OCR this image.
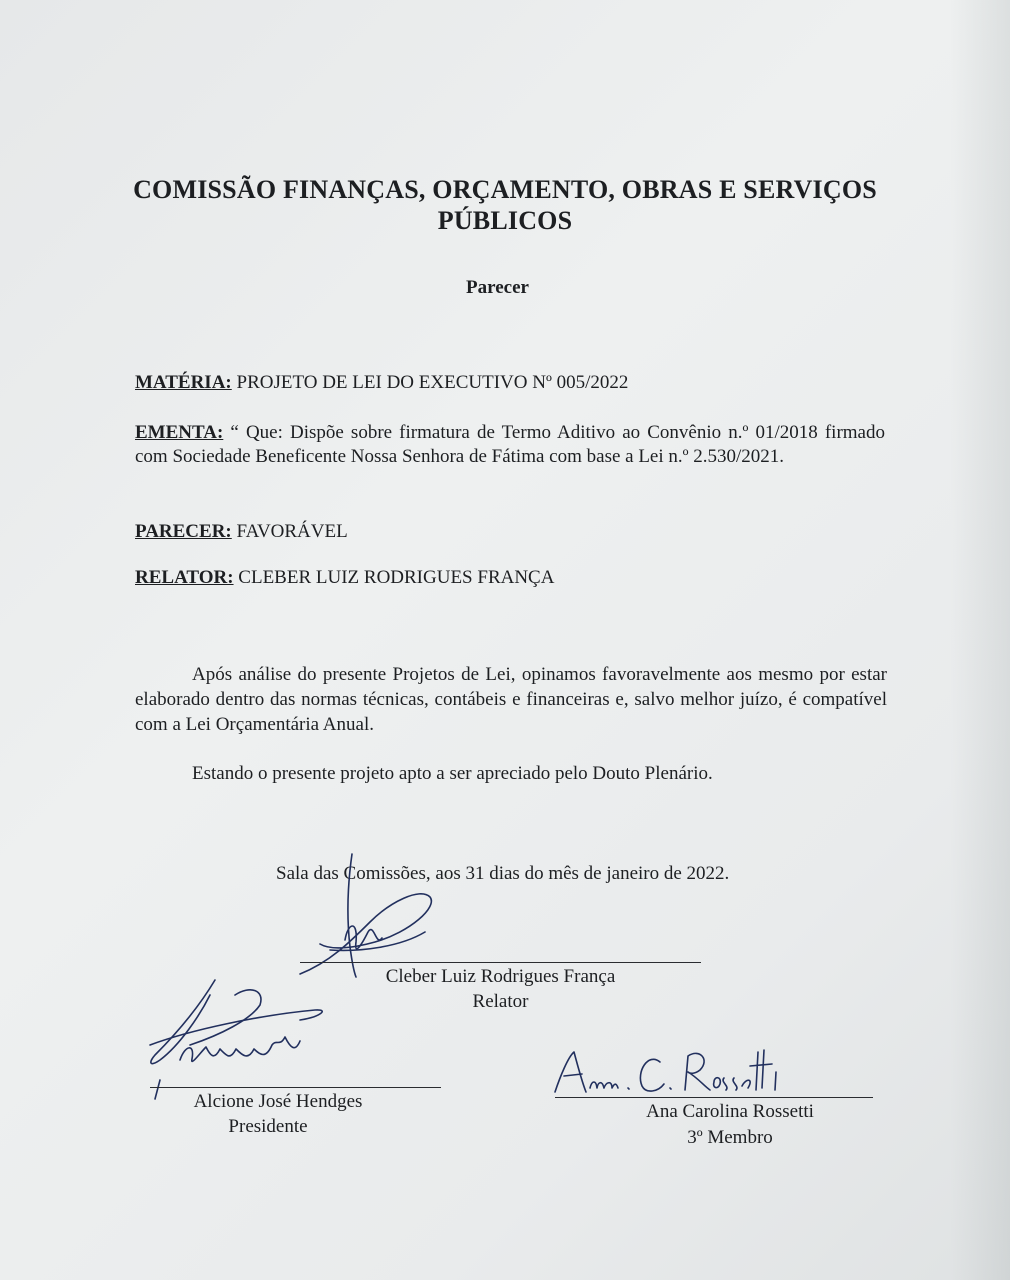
COMISSÃO FINANÇAS, ORÇAMENTO, OBRAS E SERVIÇOS
PÚBLICOS
Parecer
MATÉRIA: PROJETO DE LEI DO EXECUTIVO Nº 005/2022
EMENTA: “ Que: Dispõe sobre firmatura de Termo Aditivo ao Convênio n.º 01/2018 firmado com Sociedade Beneficente Nossa Senhora de Fátima com base a Lei n.º 2.530/2021.
PARECER: FAVORÁVEL
RELATOR: CLEBER LUIZ RODRIGUES FRANÇA
Após análise do presente Projetos de Lei, opinamos favoravelmente aos mesmo por estar elaborado dentro das normas técnicas, contábeis e financeiras e, salvo melhor juízo, é compatível com a Lei Orçamentária Anual.
Estando o presente projeto apto a ser apreciado pelo Douto Plenário.
Sala das Comissões, aos 31 dias do mês de janeiro de 2022.
Cleber Luiz Rodrigues França
Relator
Alcione José Hendges
Presidente
Ana Carolina Rossetti
3º Membro
